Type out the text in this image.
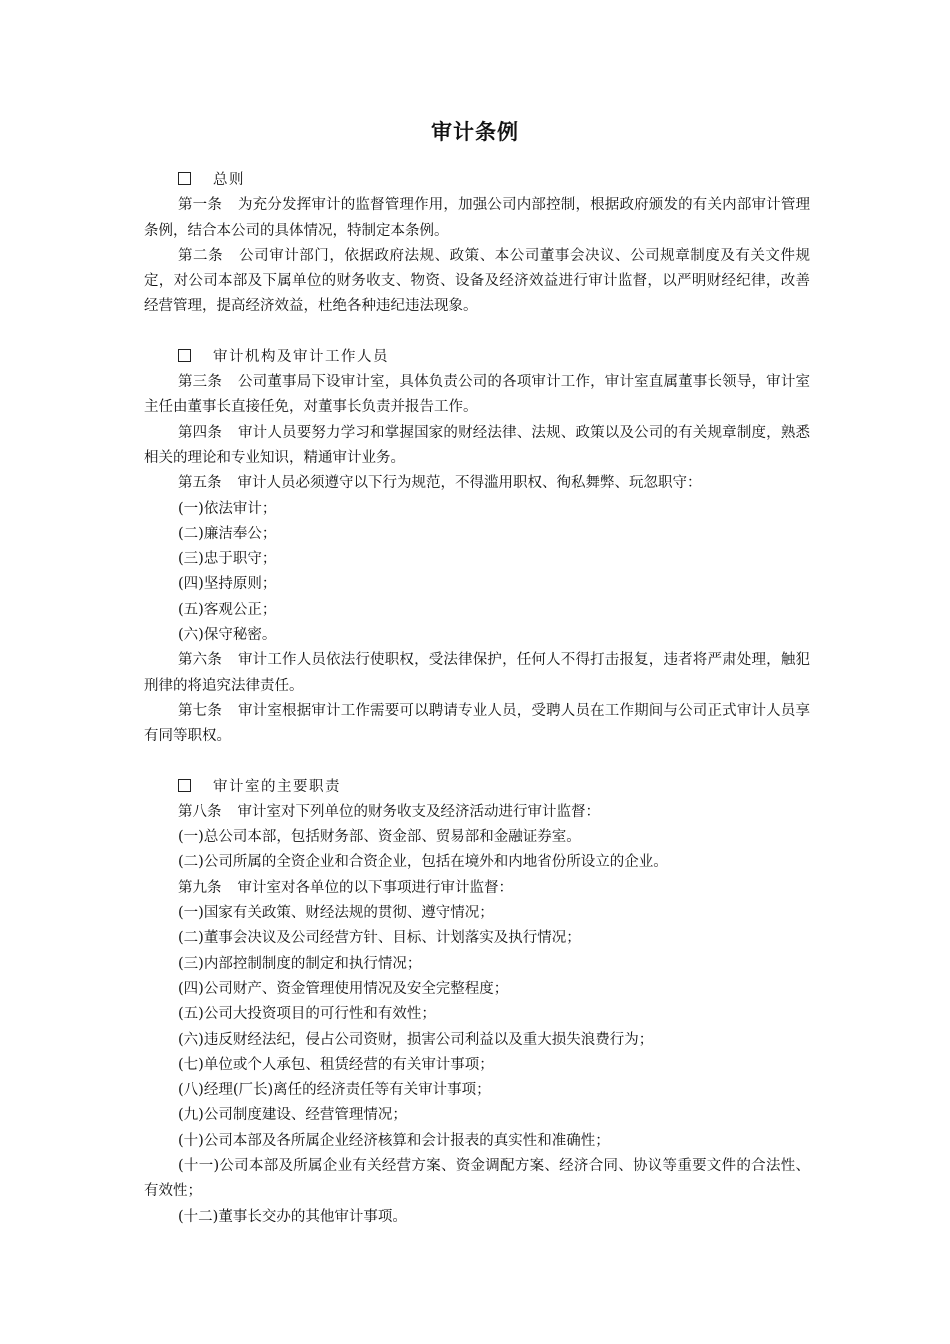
审计条例

总则

第一条 为充分发挥审计的监督管理作用，加强公司内部控制，根据政府颁发的有关内部审计管理条例，结合本公司的具体情况，特制定本条例。

第二条 公司审计部门，依据政府法规、政策、本公司董事会决议、公司规章制度及有关文件规定，对公司本部及下属单位的财务收支、物资、设备及经济效益进行审计监督，以严明财经纪律，改善经营管理，提高经济效益，杜绝各种违纪违法现象。

审计机构及审计工作人员

第三条 公司董事局下设审计室，具体负责公司的各项审计工作，审计室直属董事长领导，审计室主任由董事长直接任免，对董事长负责并报告工作。

第四条 审计人员要努力学习和掌握国家的财经法律、法规、政策以及公司的有关规章制度，熟悉相关的理论和专业知识，精通审计业务。

第五条 审计人员必须遵守以下行为规范，不得滥用职权、徇私舞弊、玩忽职守：

(一)依法审计；

(二)廉洁奉公；

(三)忠于职守；

(四)坚持原则；

(五)客观公正；

(六)保守秘密。

第六条 审计工作人员依法行使职权，受法律保护，任何人不得打击报复，违者将严肃处理，触犯刑律的将追究法律责任。

第七条 审计室根据审计工作需要可以聘请专业人员，受聘人员在工作期间与公司正式审计人员享有同等职权。

审计室的主要职责

第八条 审计室对下列单位的财务收支及经济活动进行审计监督：

(一)总公司本部，包括财务部、资金部、贸易部和金融证券室。

(二)公司所属的全资企业和合资企业，包括在境外和内地省份所设立的企业。

第九条 审计室对各单位的以下事项进行审计监督：

(一)国家有关政策、财经法规的贯彻、遵守情况；

(二)董事会决议及公司经营方针、目标、计划落实及执行情况；

(三)内部控制制度的制定和执行情况；

(四)公司财产、资金管理使用情况及安全完整程度；

(五)公司大投资项目的可行性和有效性；

(六)违反财经法纪，侵占公司资财，损害公司利益以及重大损失浪费行为；

(七)单位或个人承包、租赁经营的有关审计事项；

(八)经理(厂长)离任的经济责任等有关审计事项；

(九)公司制度建设、经营管理情况；

(十)公司本部及各所属企业经济核算和会计报表的真实性和准确性；

(十一)公司本部及所属企业有关经营方案、资金调配方案、经济合同、协议等重要文件的合法性、有效性；

(十二)董事长交办的其他审计事项。
